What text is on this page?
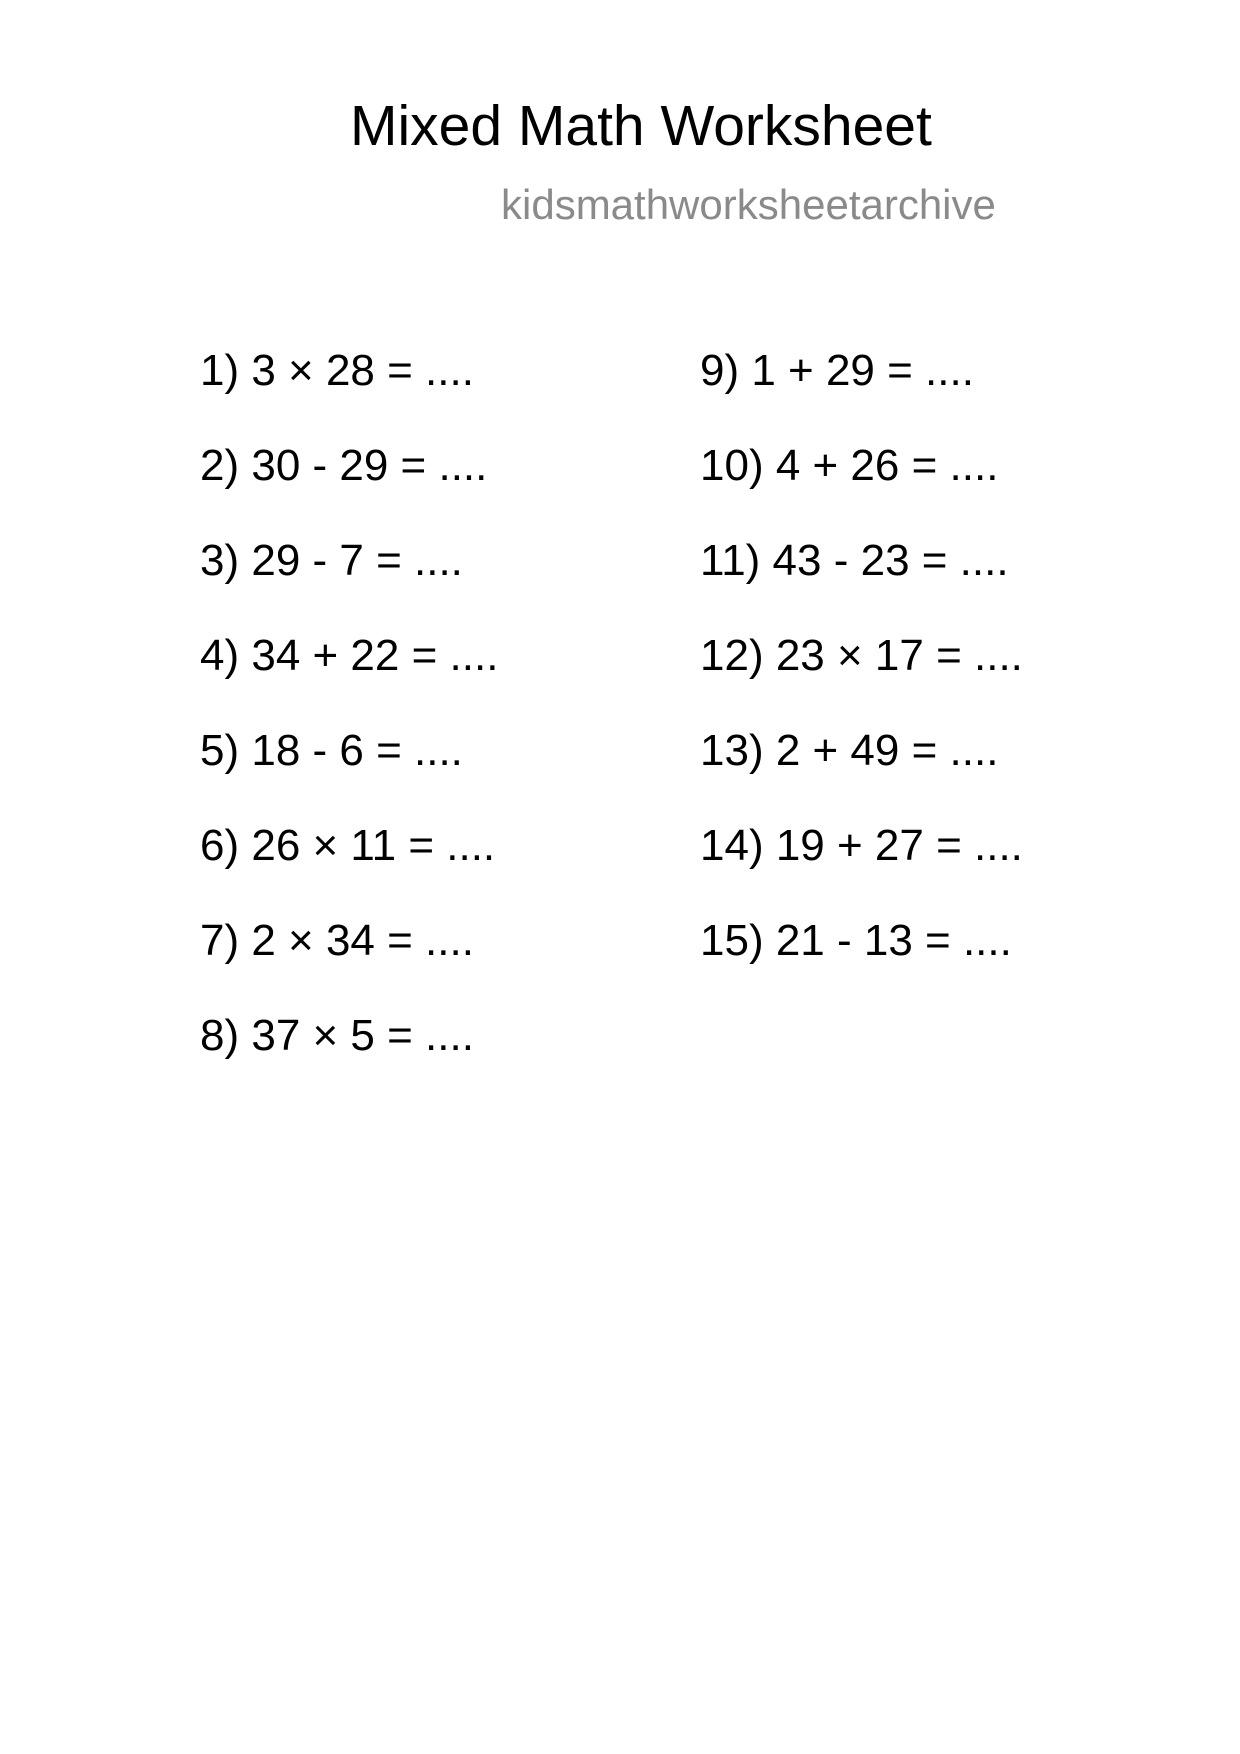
Mixed Math Worksheet
kidsmathworksheetarchive
1) 3 × 28 = ....
2) 30 - 29 = ....
3) 29 - 7 = ....
4) 34 + 22 = ....
5) 18 - 6 = ....
6) 26 × 11 = ....
7) 2 × 34 = ....
8) 37 × 5 = ....
9) 1 + 29 = ....
10) 4 + 26 = ....
11) 43 - 23 = ....
12) 23 × 17 = ....
13) 2 + 49 = ....
14) 19 + 27 = ....
15) 21 - 13 = ....
